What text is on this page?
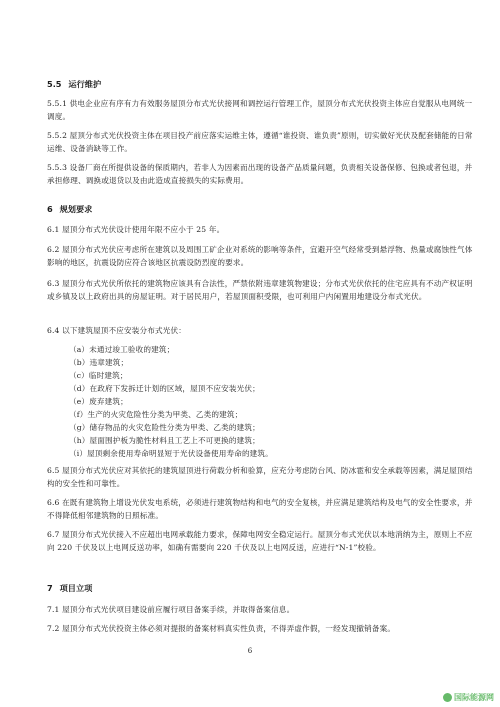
5.5 运行维护

5.5.1 供电企业应有序有力有效服务屋顶分布式光伏接网和调控运行管理工作，屋顶分布式光伏投资主体应自觉服从电网统一调度。

5.5.2 屋顶分布式光伏投资主体在项目投产前应落实运维主体，遵循“谁投资、谁负责”原则，切实做好光伏及配套储能的日常运维、设备消缺等工作。

5.5.3 设备厂商在所提供设备的保质期内，若非人为因素而出现的设备产品质量问题，负责相关设备保修、包换或者包退，并承担修理、调换或退货以及由此造成直接损失的实际费用。

6 规划要求

6.1 屋顶分布式光伏设计使用年限不应小于 25 年。

6.2 屋顶分布式光伏应考虑所在建筑以及周围工矿企业对系统的影响等条件，宜避开空气经常受到悬浮物、热量或腐蚀性气体影响的地区，抗震设防应符合该地区抗震设防烈度的要求。

6.3 屋顶分布式光伏所依托的建筑物应该具有合法性，严禁依附违章建筑物建设；分布式光伏依托的住宅应具有不动产权证明或乡镇及以上政府出具的房屋证明。对于居民用户，若屋顶面积受限，也可利用户内闲置用地建设分布式光伏。

6.4 以下建筑屋顶不应安装分布式光伏：

（a）未通过竣工验收的建筑；
（b）违章建筑；
（c）临时建筑；
（d）在政府下发拆迁计划的区域，屋顶不应安装光伏；
（e）废弃建筑；
（f）生产的火灾危险性分类为甲类、乙类的建筑；
（g）储存物品的火灾危险性分类为甲类、乙类的建筑；
（h）屋面围护板为脆性材料且工艺上不可更换的建筑；
（i）屋顶剩余使用寿命明显短于光伏设备使用寿命的建筑。

6.5 屋顶分布式光伏应对其依托的建筑屋顶进行荷载分析和验算，应充分考虑防台风、防冰雹和安全承载等因素，满足屋顶结构的安全性和可靠性。

6.6 在既有建筑物上增设光伏发电系统，必须进行建筑物结构和电气的安全复核，并应满足建筑结构及电气的安全性要求，并不得降低相邻建筑物的日照标准。

6.7 屋顶分布式光伏接入不应超出电网承载能力要求，保障电网安全稳定运行。屋顶分布式光伏以本地消纳为主，原则上不应向 220 千伏及以上电网反送功率，如确有需要向 220 千伏及以上电网反送，应进行“N-1”校验。

7 项目立项

7.1 屋顶分布式光伏项目建设前应履行项目备案手续，并取得备案信息。

7.2 屋顶分布式光伏投资主体必须对提报的备案材料真实性负责，不得弄虚作假，一经发现撤销备案。

6
国际能源网
